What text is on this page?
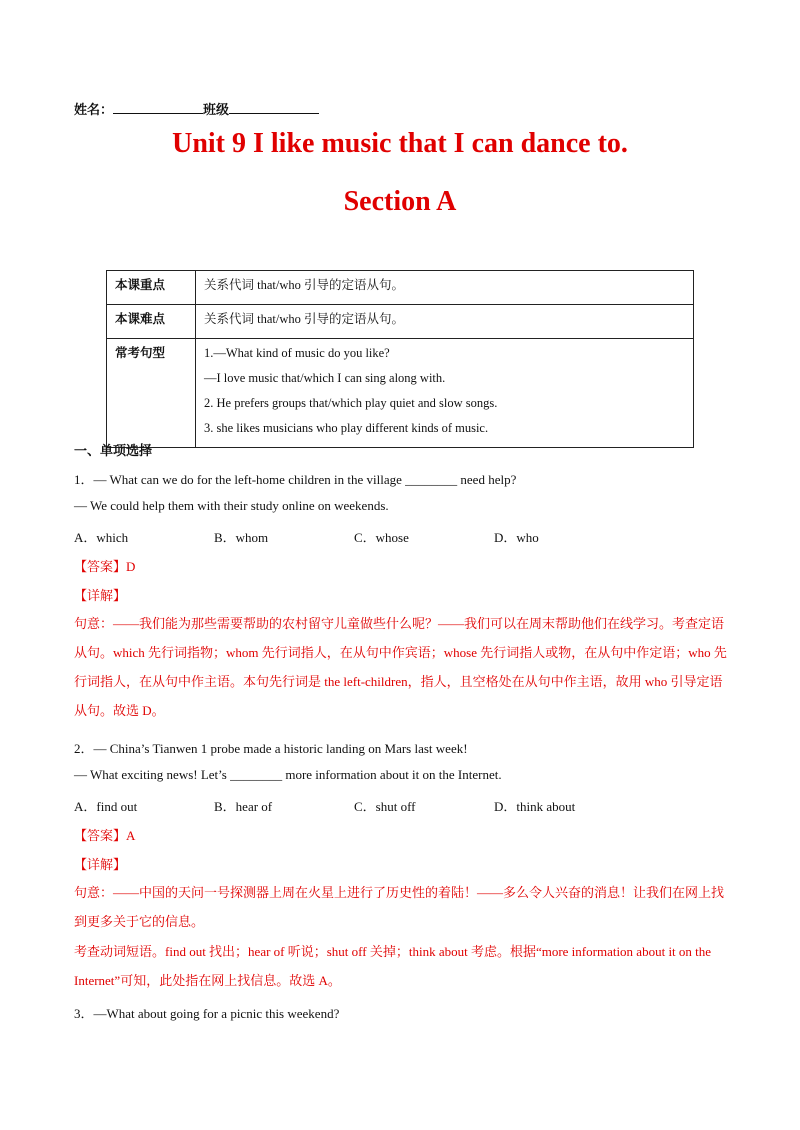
姓名：	班级
Unit 9 I like music that I can dance to.
Section A
本课重点	关系代词 that/who 引导的定语从句。

本课难点	关系代词 that/who 引导的定语从句。

常考句型	1.—What kind of music do you like?
—I love music that/which I can sing along with.
2. He prefers groups that/which play quiet and slow songs.
3. she likes musicians who play different kinds of music.
一、单项选择
1．— What can we do for the left-home children in the village ________ need help?
— We could help them with their study online on weekends.
A．which	B．whom	C．whose	D．who
【答案】D
【详解】
句意：——我们能为那些需要帮助的农村留守儿童做些什么呢？——我们可以在周末帮助他们在线学习。考查定语从句。which 先行词指物；whom 先行词指人，在从句中作宾语；whose 先行词指人或物，在从句中作定语；who 先行词指人，在从句中作主语。本句先行词是 the left-children，指人，且空格处在从句中作主语，故用 who 引导定语从句。故选 D。
2．— China’s Tianwen 1 probe made a historic landing on Mars last week!
— What exciting news! Let’s ________ more information about it on the Internet.
A．find out	B．hear of	C．shut off	D．think about
【答案】A
【详解】
句意：——中国的天问一号探测器上周在火星上进行了历史性的着陆！——多么令人兴奋的消息！让我们在网上找到更多关于它的信息。
考查动词短语。find out 找出；hear of 听说；shut off 关掉；think about 考虑。根据“more information about it on the Internet”可知，此处指在网上找信息。故选 A。
3．—What about going for a picnic this weekend?
